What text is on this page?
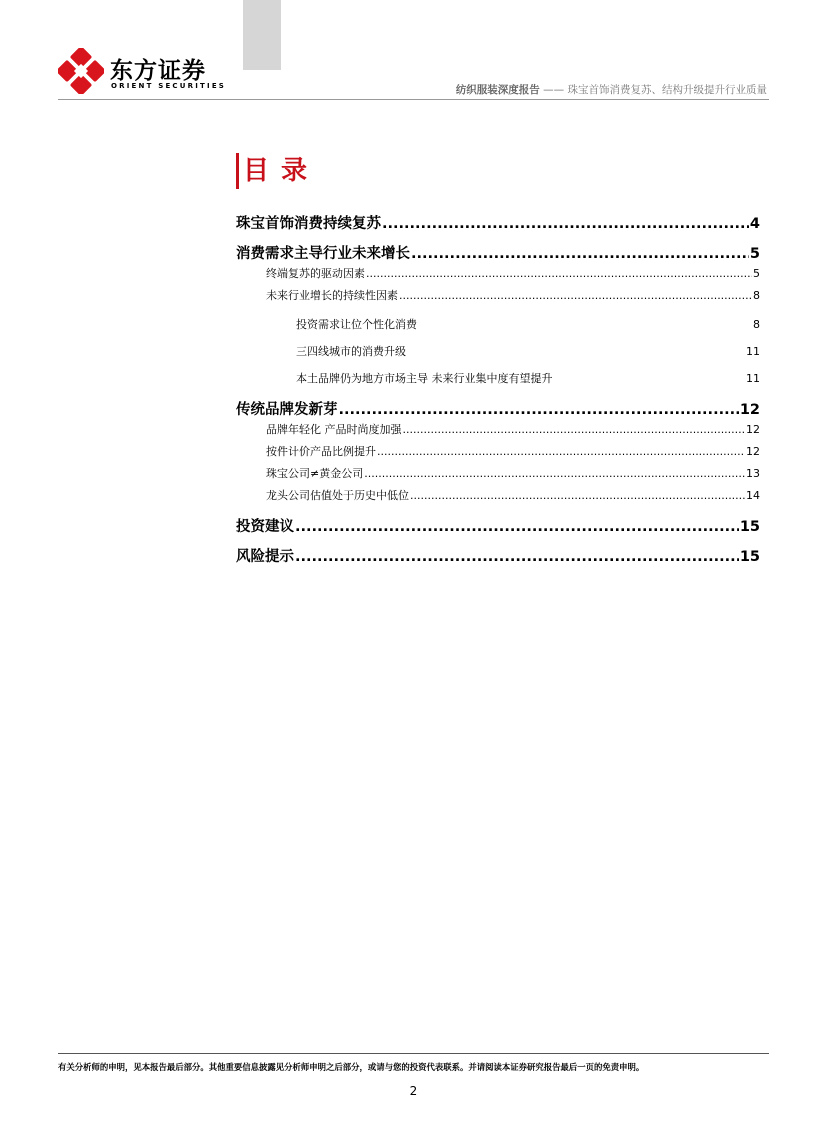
东方证券
ORIENT SECURITIES	纺织服装深度报告 —— 珠宝首饰消费复苏、结构升级提升行业质量
目录
珠宝首饰消费持续复苏 .....	4
消费需求主导行业未来增长 .....	5
终端复苏的驱动因素 .....	5
未来行业增长的持续性因素 .....	8
投资需求让位个性化消费	8
三四线城市的消费升级	11
本土品牌仍为地方市场主导 未来行业集中度有望提升	11
传统品牌发新芽 .....	12
品牌年轻化 产品时尚度加强 .....	12
按件计价产品比例提升 .....	12
珠宝公司≠黄金公司 .....	13
龙头公司估值处于历史中低位 .....	14
投资建议 .....	15
风险提示 .....	15
有关分析师的申明，见本报告最后部分。其他重要信息披露见分析师申明之后部分，或请与您的投资代表联系。并请阅读本证券研究报告最后一页的免责申明。
2
